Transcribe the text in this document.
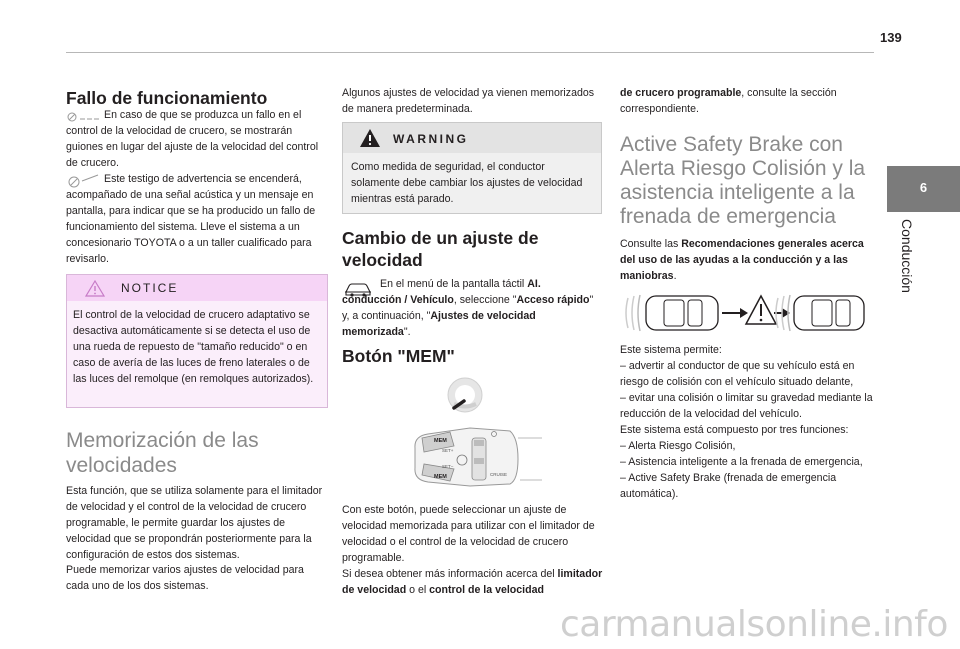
139
6
Conducción
Fallo de funcionamiento
En caso de que se produzca un fallo en el control de la velocidad de crucero, se mostrarán guiones en lugar del ajuste de la velocidad del control de crucero.
Este testigo de advertencia se encenderá, acompañado de una señal acústica y un mensaje en pantalla, para indicar que se ha producido un fallo de funcionamiento del sistema. Lleve el sistema a un concesionario TOYOTA o a un taller cualificado para revisarlo.
NOTICE
El control de la velocidad de crucero adaptativo se desactiva automáticamente si se detecta el uso de una rueda de repuesto de "tamaño reducido" o en caso de avería de las luces de freno laterales o de las luces del remolque (en remolques autorizados).
Memorización de las
velocidades
Esta función, que se utiliza solamente para el limitador de velocidad y el control de la velocidad de crucero programable, le permite guardar los ajustes de velocidad que se propondrán posteriormente para la configuración de estos dos sistemas.
Puede memorizar varios ajustes de velocidad para cada uno de los dos sistemas.
Algunos ajustes de velocidad ya vienen memorizados de manera predeterminada.
WARNING
Como medida de seguridad, el conductor solamente debe cambiar los ajustes de velocidad mientras está parado.
Cambio de un ajuste de
velocidad
En el menú de la pantalla táctil AI. conducción / Vehículo, seleccione "Acceso rápido" y, a continuación, "Ajustes de velocidad memorizada".
Botón "MEM"
MEM
MEM
SET+
SET−
CRUISE
Con este botón, puede seleccionar un ajuste de velocidad memorizada para utilizar con el limitador de velocidad o el control de la velocidad de crucero programable.
Si desea obtener más información acerca del limitador de velocidad o el control de la velocidad
de crucero programable, consulte la sección correspondiente.
Active Safety Brake con
Alerta Riesgo Colisión y la
asistencia inteligente a la
frenada de emergencia
Consulte las Recomendaciones generales acerca del uso de las ayudas a la conducción y a las maniobras.
Este sistema permite:
– advertir al conductor de que su vehículo está en riesgo de colisión con el vehículo situado delante,
– evitar una colisión o limitar su gravedad mediante la reducción de la velocidad del vehículo.
Este sistema está compuesto por tres funciones:
– Alerta Riesgo Colisión,
– Asistencia inteligente a la frenada de emergencia,
– Active Safety Brake (frenada de emergencia automática).
carmanualsonline.info
